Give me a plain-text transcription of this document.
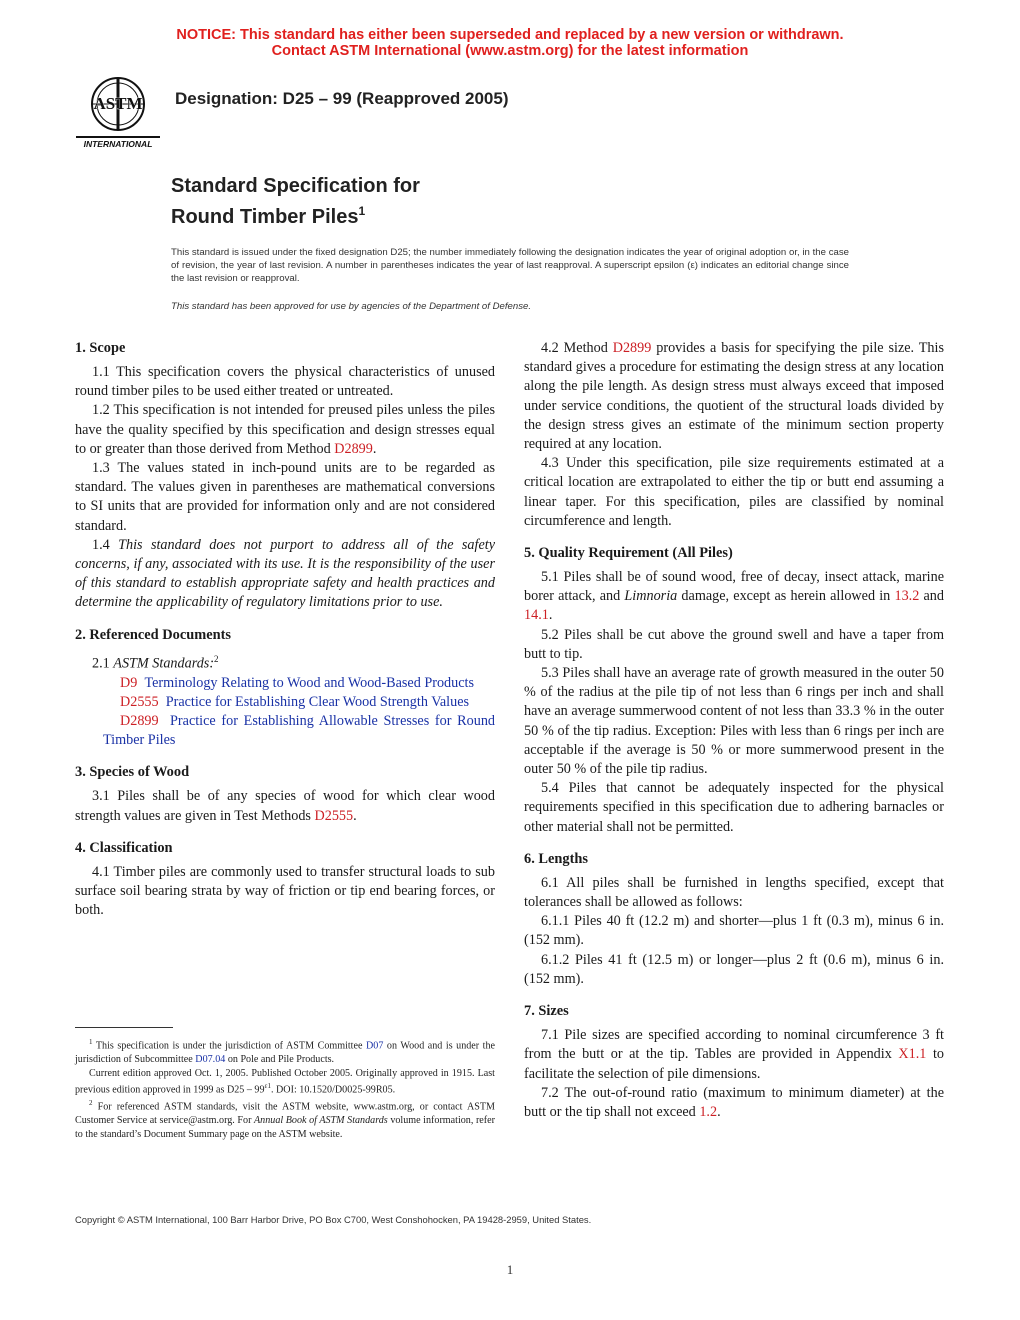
NOTICE: This standard has either been superseded and replaced by a new version or withdrawn.
Contact ASTM International (www.astm.org) for the latest information
ASTM
INTERNATIONAL
Designation: D25 – 99 (Reapproved 2005)
Standard Specification for
Round Timber Piles$^1$
This standard is issued under the fixed designation D25; the number immediately following the designation indicates the year of original adoption or, in the case of revision, the year of last revision. A number in parentheses indicates the year of last reapproval. A superscript epsilon (ε) indicates an editorial change since the last revision or reapproval.
This standard has been approved for use by agencies of the Department of Defense.
1. Scope

1.1 This specification covers the physical characteristics of unused round timber piles to be used either treated or untreated.

1.2 This specification is not intended for preused piles unless the piles have the quality specified by this specification and design stresses equal to or greater than those derived from Method D2899.

1.3 The values stated in inch-pound units are to be regarded as standard. The values given in parentheses are mathematical conversions to SI units that are provided for information only and are not considered standard.

1.4 This standard does not purport to address all of the safety concerns, if any, associated with its use. It is the responsibility of the user of this standard to establish appropriate safety and health practices and determine the applicability of regulatory limitations prior to use.

2. Referenced Documents

2.1 ASTM Standards:$^2$

D9 Terminology Relating to Wood and Wood-Based Products

D2555 Practice for Establishing Clear Wood Strength Values

D2899 Practice for Establishing Allowable Stresses for Round Timber Piles

3. Species of Wood

3.1 Piles shall be of any species of wood for which clear wood strength values are given in Test Methods D2555.

4. Classification

4.1 Timber piles are commonly used to transfer structural loads to sub surface soil bearing strata by way of friction or tip end bearing forces, or both.

4.2 Method D2899 provides a basis for specifying the pile size. This standard gives a procedure for estimating the design stress at any location along the pile length. As design stress must always exceed that imposed under service conditions, the quotient of the structural loads divided by the design stress gives an estimate of the minimum section property required at any location.

4.3 Under this specification, pile size requirements estimated at a critical location are extrapolated to either the tip or butt end assuming a linear taper. For this specification, piles are classified by nominal circumference and length.

5. Quality Requirement (All Piles)

5.1 Piles shall be of sound wood, free of decay, insect attack, marine borer attack, and Limnoria damage, except as herein allowed in 13.2 and 14.1.

5.2 Piles shall be cut above the ground swell and have a taper from butt to tip.

5.3 Piles shall have an average rate of growth measured in the outer 50 % of the radius at the pile tip of not less than 6 rings per inch and shall have an average summerwood content of not less than 33.3 % in the outer 50 % of the tip radius. Exception: Piles with less than 6 rings per inch are acceptable if the average is 50 % or more summerwood present in the outer 50 % of the pile tip radius.

5.4 Piles that cannot be adequately inspected for the physical requirements specified in this specification due to adhering barnacles or other material shall not be permitted.

6. Lengths

6.1 All piles shall be furnished in lengths specified, except that tolerances shall be allowed as follows:

6.1.1 Piles 40 ft (12.2 m) and shorter—plus 1 ft (0.3 m), minus 6 in. (152 mm).

6.1.2 Piles 41 ft (12.5 m) or longer—plus 2 ft (0.6 m), minus 6 in. (152 mm).

7. Sizes

7.1 Pile sizes are specified according to nominal circumference 3 ft from the butt or at the tip. Tables are provided in Appendix X1.1 to facilitate the selection of pile dimensions.

7.2 The out-of-round ratio (maximum to minimum diameter) at the butt or the tip shall not exceed 1.2.

$^1$ This specification is under the jurisdiction of ASTM Committee D07 on Wood and is under the jurisdiction of Subcommittee D07.04 on Pole and Pile Products.

Current edition approved Oct. 1, 2005. Published October 2005. Originally approved in 1915. Last previous edition approved in 1999 as $D25 - 99^{\varepsilon 1}$. DOI: 10.1520/D0025-99R05.

$^2$ For referenced ASTM standards, visit the ASTM website, www.astm.org, or contact ASTM Customer Service at service@astm.org. For Annual Book of ASTM Standards volume information, refer to the standard’s Document Summary page on the ASTM website.

Copyright © ASTM International, 100 Barr Harbor Drive, PO Box C700, West Conshohocken, PA 19428-2959, United States.
1
